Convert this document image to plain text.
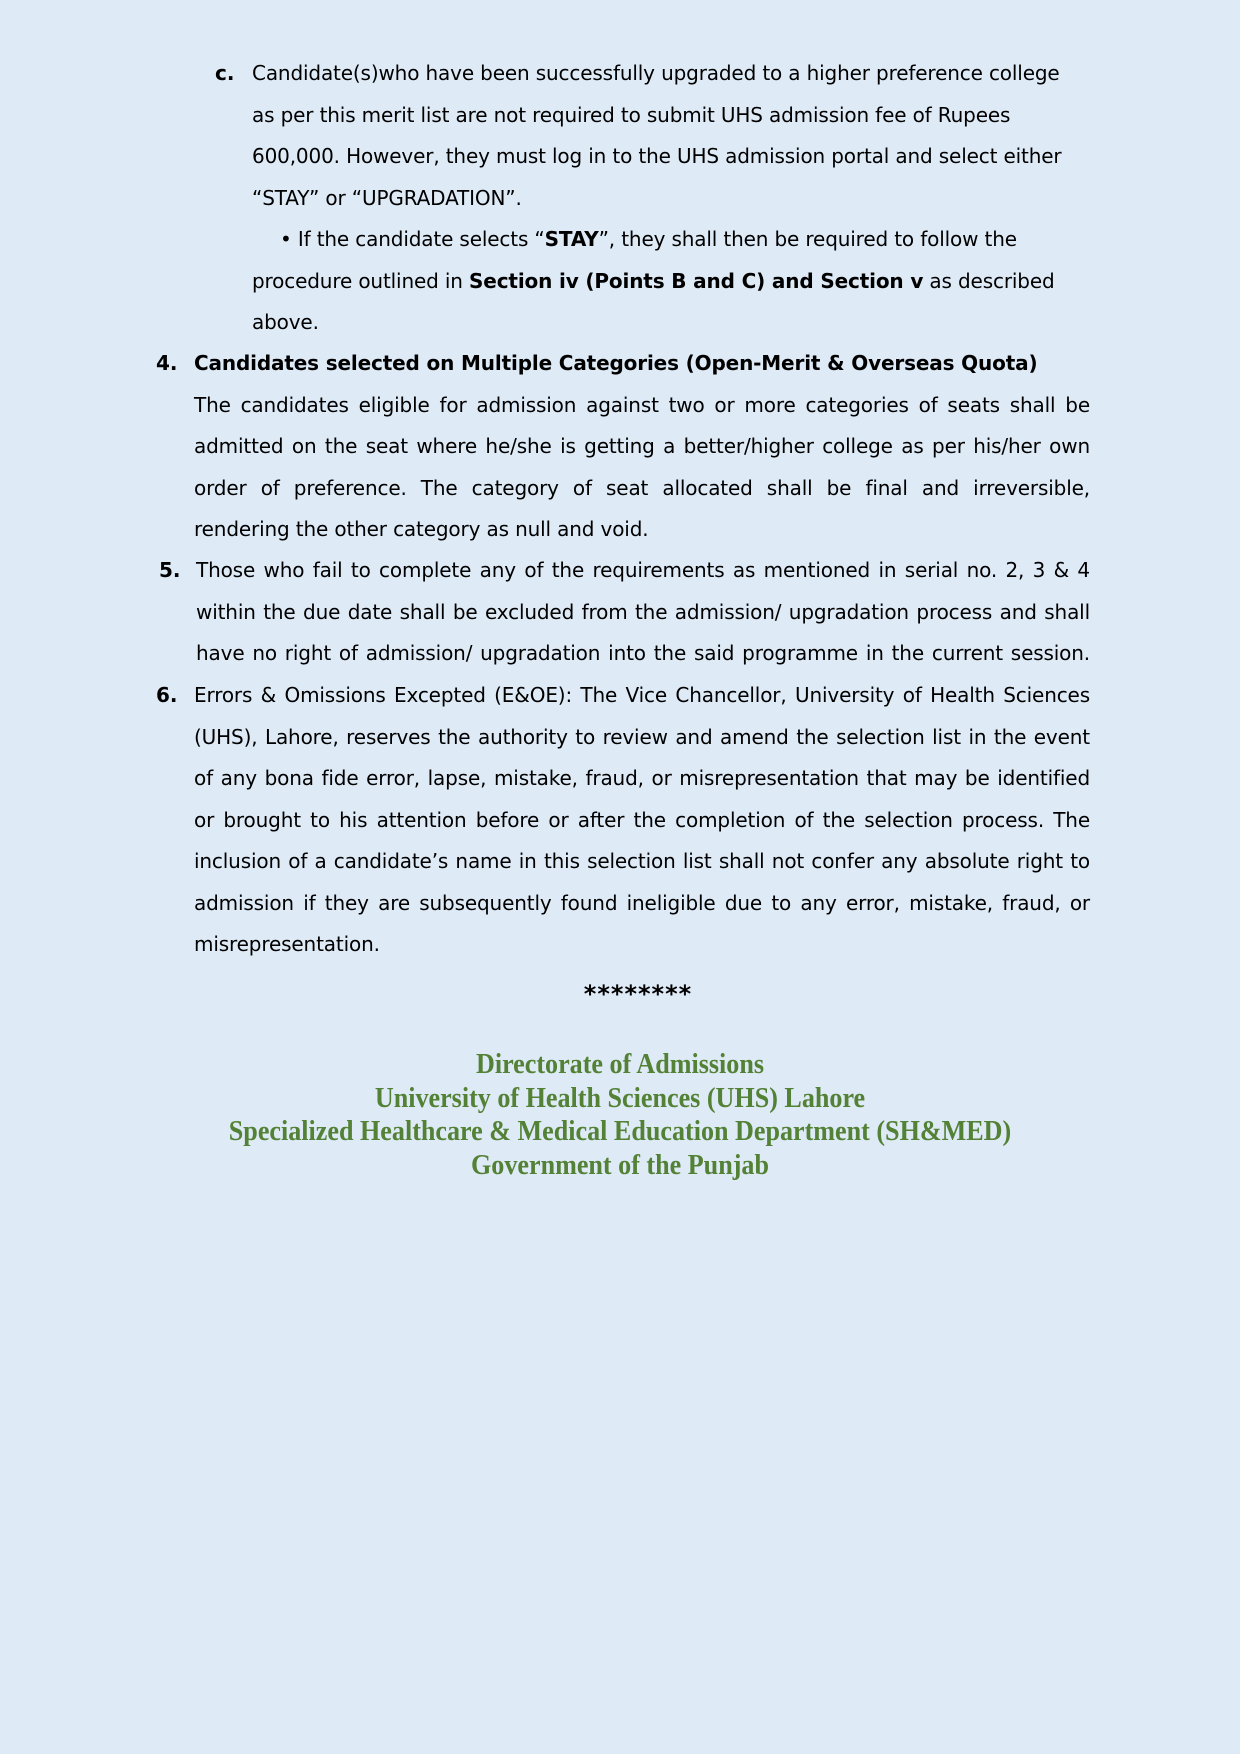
c. Candidate(s)who have been successfully upgraded to a higher preference college
as per this merit list are not required to submit UHS admission fee of Rupees
600,000. However, they must log in to the UHS admission portal and select either
“STAY” or “UPGRADATION”.
• If the candidate selects “STAY”, they shall then be required to follow the
procedure outlined in Section iv (Points B and C) and Section v as described
above.
4. Candidates selected on Multiple Categories (Open-Merit & Overseas Quota)
The candidates eligible for admission against two or more categories of seats shall be
admitted on the seat where he/she is getting a better/higher college as per his/her own
order of preference. The category of seat allocated shall be final and irreversible,
rendering the other category as null and void.
5. Those who fail to complete any of the requirements as mentioned in serial no. 2, 3 & 4
within the due date shall be excluded from the admission/ upgradation process and shall
have no right of admission/ upgradation into the said programme in the current session.
6. Errors & Omissions Excepted (E&OE): The Vice Chancellor, University of Health Sciences
(UHS), Lahore, reserves the authority to review and amend the selection list in the event
of any bona fide error, lapse, mistake, fraud, or misrepresentation that may be identified
or brought to his attention before or after the completion of the selection process. The
inclusion of a candidate’s name in this selection list shall not confer any absolute right to
admission if they are subsequently found ineligible due to any error, mistake, fraud, or
misrepresentation.
********
Directorate of Admissions
University of Health Sciences (UHS) Lahore
Specialized Healthcare & Medical Education Department (SH&MED)
Government of the Punjab
